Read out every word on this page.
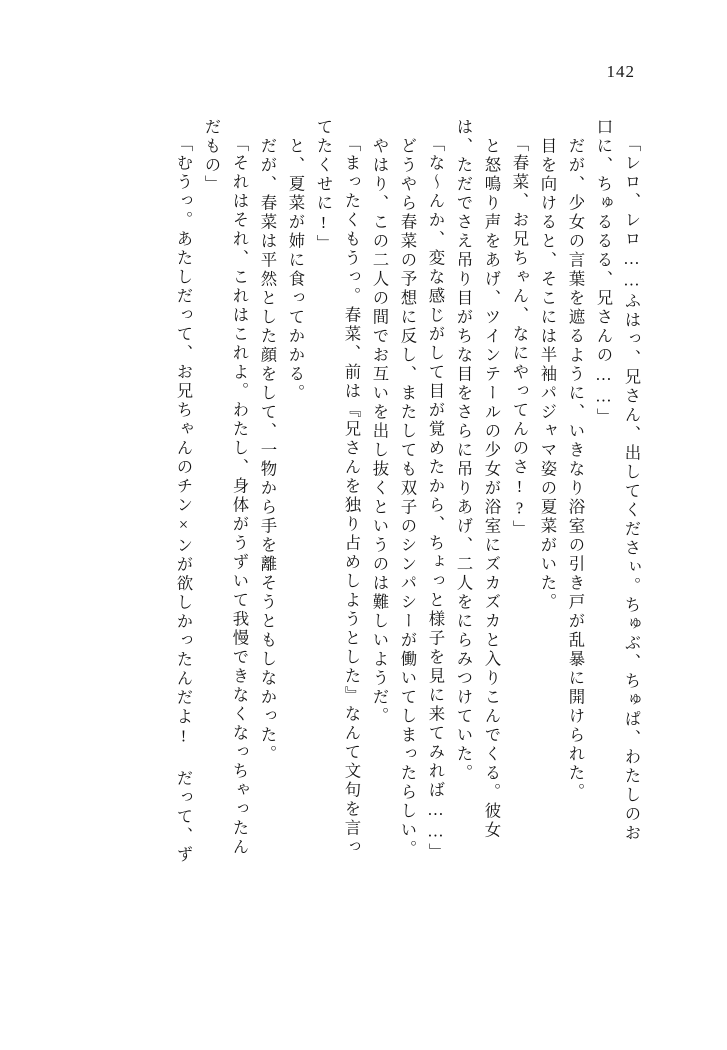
142
「レロ、レロ……ふはっ、兄さん、出してくださぃ。ちゅぶ、ちゅぱ、わたしのお
口に、ちゅるるる、兄さんの……」
　だが、少女の言葉を遮るように、いきなり浴室の引き戸が乱暴に開けられた。
　目を向けると、そこには半袖パジャマ姿の夏菜がいた。
「春菜、お兄ちゃん、なにやってんのさ!?」
　と怒鳴り声をあげ、ツインテールの少女が浴室にズカズカと入りこんでくる。彼女
は、ただでさえ吊り目がちな目をさらに吊りあげ、二人をにらみつけていた。
「な〜んか、変な感じがして目が覚めたから、ちょっと様子を見に来てみれば……」
　どうやら春菜の予想に反し、またしても双子のシンパシーが働いてしまったらしい。
　やはり、この二人の間でお互いを出し抜くというのは難しいようだ。
「まったくもうっ。春菜、前は『兄さんを独り占めしようとした』なんて文句を言っ
てたくせに!」
　と、夏菜が姉に食ってかかる。
　だが、春菜は平然とした顔をして、一物から手を離そうともしなかった。
「それはそれ、これはこれよ。わたし、身体がうずいて我慢できなくなっちゃったん
だもの」
「むうっ。あたしだって、お兄ちゃんのチン×ンが欲しかったんだよ! だって、ず
